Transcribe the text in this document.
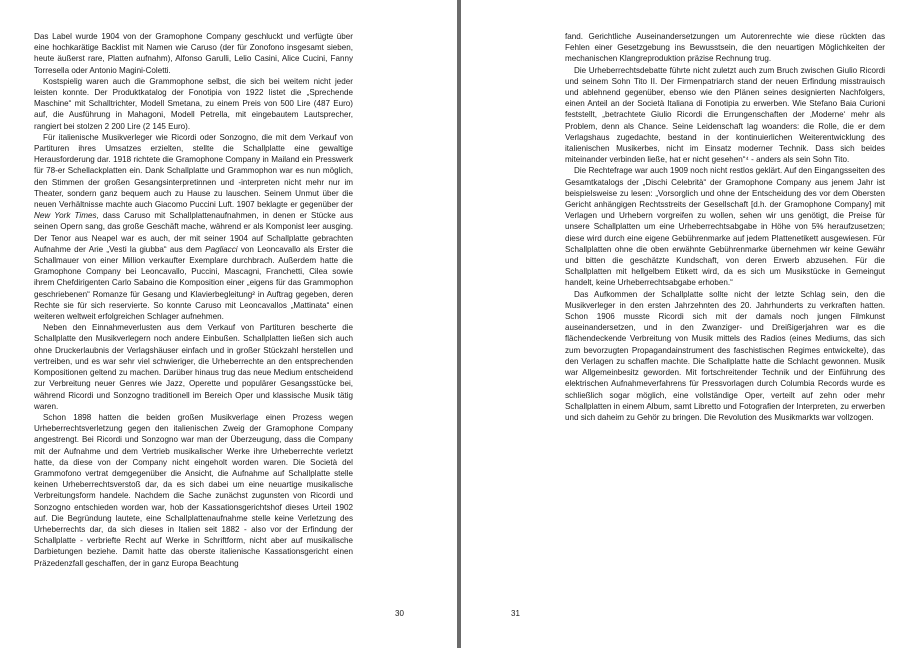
Das Label wurde 1904 von der Gramophone Company geschluckt und verfügte über eine hochkarätige Backlist mit Namen wie Caruso (der für Zonofono insgesamt sieben, heute äußerst rare, Platten aufnahm), Alfonso Garulli, Lelio Casini, Alice Cucini, Fanny Torresella oder Antonio Magini-Coletti.

Kostspielig waren auch die Grammophone selbst, die sich bei weitem nicht jeder leisten konnte. Der Produktkatalog der Fonotipia von 1922 listet die „Sprechende Maschine“ mit Schalltrichter, Modell Smetana, zu einem Preis von 500 Lire (487 Euro) auf, die Ausführung in Mahagoni, Modell Petrella, mit eingebautem Lautsprecher, rangiert bei stolzen 2 200 Lire (2 145 Euro).

Für italienische Musikverleger wie Ricordi oder Sonzogno, die mit dem Verkauf von Partituren ihres Umsatzes erzielten, stellte die Schallplatte eine gewaltige Herausforderung dar. 1918 richtete die Gramophone Company in Mailand ein Presswerk für 78-er Schellackplatten ein. Dank Schallplatte und Grammophon war es nun möglich, den Stimmen der großen Gesangsinterpretinnen und -interpreten nicht mehr nur im Theater, sondern ganz bequem auch zu Hause zu lauschen. Seinem Unmut über die neuen Verhältnisse machte auch Giacomo Puccini Luft. 1907 beklagte er gegenüber der New York Times, dass Caruso mit Schallplattenaufnahmen, in denen er Stücke aus seinen Opern sang, das große Geschäft mache, während er als Komponist leer ausging. Der Tenor aus Neapel war es auch, der mit seiner 1904 auf Schallplatte gebrachten Aufnahme der Arie „Vesti la giubba“ aus dem Pagliacci von Leoncavallo als Erster die Schallmauer von einer Million verkaufter Exemplare durchbrach. Außerdem hatte die Gramophone Company bei Leoncavallo, Puccini, Mascagni, Franchetti, Cilea sowie ihrem Chefdirigenten Carlo Sabaino die Komposition einer „eigens für das Grammophon geschriebenen“ Romanze für Gesang und Klavierbegleitung² in Auftrag gegeben, deren Rechte sie für sich reservierte. So konnte Caruso mit Leoncavallos „Mattinata“ einen weiteren weltweit erfolgreichen Schlager aufnehmen.

Neben den Einnahmeverlusten aus dem Verkauf von Partituren bescherte die Schallplatte den Musikverlegern noch andere Einbußen. Schallplatten ließen sich auch ohne Druckerlaubnis der Verlagshäuser einfach und in großer Stückzahl herstellen und vertreiben, und es war sehr viel schwieriger, die Urheberrechte an den entsprechenden Kompositionen geltend zu machen. Darüber hinaus trug das neue Medium entscheidend zur Verbreitung neuer Genres wie Jazz, Operette und populärer Gesangsstücke bei, während Ricordi und Sonzogno traditionell im Bereich Oper und klassische Musik tätig waren.

Schon 1898 hatten die beiden großen Musikverlage einen Prozess wegen Urheberrechtsverletzung gegen den italienischen Zweig der Gramophone Company angestrengt. Bei Ricordi und Sonzogno war man der Überzeugung, dass die Company mit der Aufnahme und dem Vertrieb musikalischer Werke ihre Urheberrechte verletzt hatte, da diese von der Company nicht eingeholt worden waren. Die Società del Grammofono vertrat demgegenüber die Ansicht, die Aufnahme auf Schallplatte stelle keinen Urheberrechtsverstoß dar, da es sich dabei um eine neuartige musikalische Verbreitungsform handele. Nachdem die Sache zunächst zugunsten von Ricordi und Sonzogno entschieden worden war, hob der Kassationsgerichtshof dieses Urteil 1902 auf. Die Begründung lautete, eine Schallplattenaufnahme stelle keine Verletzung des Urheberrechts dar, da sich dieses in Italien seit 1882 - also vor der Erfindung der Schallplatte - verbriefte Recht auf Werke in Schriftform, nicht aber auf musikalische Darbietungen beziehe. Damit hatte das oberste italienische Kassationsgericht einen Präzedenzfall geschaffen, der in ganz Europa Beachtung

30

fand. Gerichtliche Auseinandersetzungen um Autorenrechte wie diese rückten das Fehlen einer Gesetzgebung ins Bewusstsein, die den neuartigen Möglichkeiten der mechanischen Klangreproduktion präzise Rechnung trug.

Die Urheberrechtsdebatte führte nicht zuletzt auch zum Bruch zwischen Giulio Ricordi und seinem Sohn Tito II. Der Firmenpatriarch stand der neuen Erfindung misstrauisch und ablehnend gegenüber, ebenso wie den Plänen seines designierten Nachfolgers, einen Anteil an der Società Italiana di Fonotipia zu erwerben. Wie Stefano Baia Curioni feststellt, „betrachtete Giulio Ricordi die Errungenschaften der ‚Moderne‘ mehr als Problem, denn als Chance. Seine Leidenschaft lag woanders: die Rolle, die er dem Verlagshaus zugedachte, bestand in der kontinuierlichen Weiterentwicklung des italienischen Musikerbes, nicht im Einsatz moderner Technik. Dass sich beides miteinander verbinden ließe, hat er nicht gesehen“⁴ - anders als sein Sohn Tito.

Die Rechtefrage war auch 1909 noch nicht restlos geklärt. Auf den Eingangsseiten des Gesamtkatalogs der „Dischi Celebrità“ der Gramophone Company aus jenem Jahr ist beispielsweise zu lesen: „Vorsorglich und ohne der Entscheidung des vor dem Obersten Gericht anhängigen Rechtsstreits der Gesellschaft [d.h. der Gramophone Company] mit Verlagen und Urhebern vorgreifen zu wollen, sehen wir uns genötigt, die Preise für unsere Schallplatten um eine Urheberrechtsabgabe in Höhe von 5% heraufzusetzen; diese wird durch eine eigene Gebührenmarke auf jedem Plattenetikett ausgewiesen. Für Schallplatten ohne die oben erwähnte Gebührenmarke übernehmen wir keine Gewähr und bitten die geschätzte Kundschaft, von deren Erwerb abzusehen. Für die Schallplatten mit hellgelbem Etikett wird, da es sich um Musikstücke in Gemeingut handelt, keine Urheberrechtsabgabe erhoben.“

Das Aufkommen der Schallplatte sollte nicht der letzte Schlag sein, den die Musikverleger in den ersten Jahrzehnten des 20. Jahrhunderts zu verkraften hatten. Schon 1906 musste Ricordi sich mit der damals noch jungen Filmkunst auseinandersetzen, und in den Zwanziger- und Dreißigerjahren war es die flächendeckende Verbreitung von Musik mittels des Radios (eines Mediums, das sich zum bevorzugten Propagandainstrument des faschistischen Regimes entwickelte), das den Verlagen zu schaffen machte. Die Schallplatte hatte die Schlacht gewonnen. Musik war Allgemeinbesitz geworden. Mit fortschreitender Technik und der Einführung des elektrischen Aufnahmeverfahrens für Pressvorlagen durch Columbia Records wurde es schließlich sogar möglich, eine vollständige Oper, verteilt auf zehn oder mehr Schallplatten in einem Album, samt Libretto und Fotografien der Interpreten, zu erwerben und sich daheim zu Gehör zu bringen. Die Revolution des Musikmarkts war vollzogen.

31
